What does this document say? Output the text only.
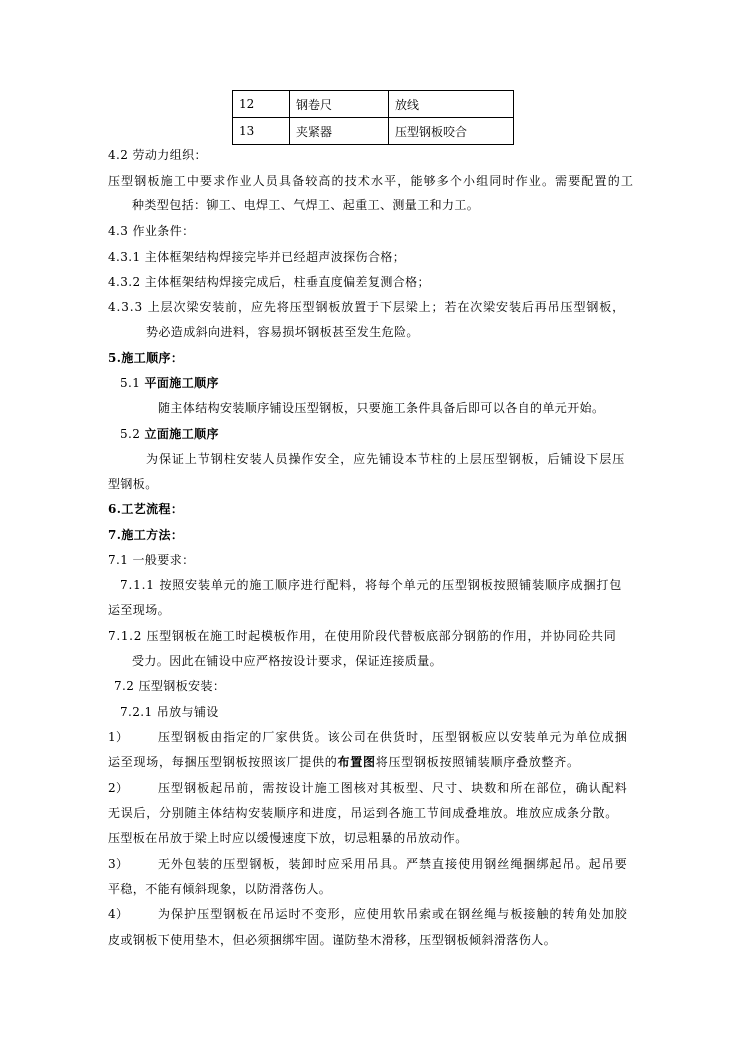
12	钢卷尺	放线
13	夹紧器	压型钢板咬合
4.2 劳动力组织：
压型钢板施工中要求作业人员具备较高的技术水平，能够多个小组同时作业。需要配置的工
种类型包括：铆工、电焊工、气焊工、起重工、测量工和力工。
4.3 作业条件：
4.3.1 主体框架结构焊接完毕并已经超声波探伤合格；
4.3.2 主体框架结构焊接完成后，柱垂直度偏差复测合格；
4.3.3 上层次梁安装前，应先将压型钢板放置于下层梁上；若在次梁安装后再吊压型钢板，
势必造成斜向进料，容易损坏钢板甚至发生危险。
5.施工顺序：
5.1 平面施工顺序
随主体结构安装顺序铺设压型钢板，只要施工条件具备后即可以各自的单元开始。
5.2 立面施工顺序
为保证上节钢柱安装人员操作安全，应先铺设本节柱的上层压型钢板，后铺设下层压
型钢板。
6.工艺流程：
7.施工方法：
7.1 一般要求：
7.1.1 按照安装单元的施工顺序进行配料，将每个单元的压型钢板按照铺装顺序成捆打包
运至现场。
7.1.2 压型钢板在施工时起模板作用，在使用阶段代替板底部分钢筋的作用，并协同砼共同
受力。因此在铺设中应严格按设计要求，保证连接质量。
7.2 压型钢板安装：
7.2.1 吊放与铺设
1） 压型钢板由指定的厂家供货。该公司在供货时，压型钢板应以安装单元为单位成捆
运至现场，每捆压型钢板按照该厂提供的布置图将压型钢板按照铺装顺序叠放整齐。
2） 压型钢板起吊前，需按设计施工图核对其板型、尺寸、块数和所在部位，确认配料
无误后，分别随主体结构安装顺序和进度，吊运到各施工节间成叠堆放。堆放应成条分散。
压型板在吊放于梁上时应以缓慢速度下放，切忌粗暴的吊放动作。
3） 无外包装的压型钢板，装卸时应采用吊具。严禁直接使用钢丝绳捆绑起吊。起吊要
平稳，不能有倾斜现象，以防滑落伤人。
4） 为保护压型钢板在吊运时不变形，应使用软吊索或在钢丝绳与板接触的转角处加胶
皮或钢板下使用垫木，但必须捆绑牢固。谨防垫木滑移，压型钢板倾斜滑落伤人。
